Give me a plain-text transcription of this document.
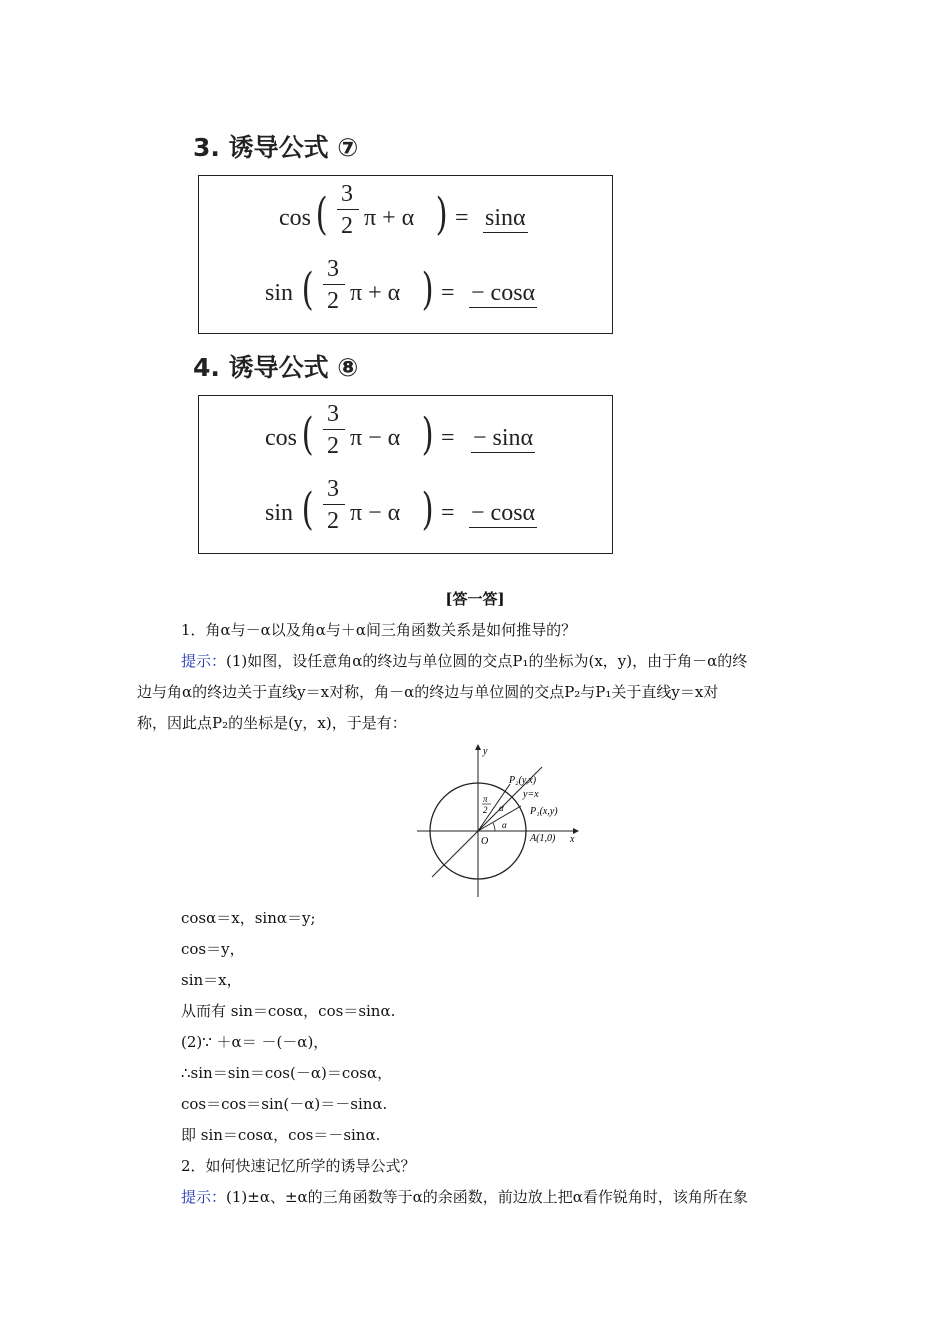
3. 诱导公式 ⑦
cos ( 3
2 π + α ) = sinα
sin ( 3
2 π + α ) = − cosα
4. 诱导公式 ⑧
cos ( 3
2 π − α ) = − sinα
sin ( 3
2 π − α ) = − cosα
[答一答]
1．角α与－α以及角α与＋α间三角函数关系是如何推导的？
提示：(1)如图，设任意角α的终边与单位圆的交点P₁的坐标为(x，y)，由于角－α的终
边与角α的终边关于直线y＝x对称，角－α的终边与单位圆的交点P₂与P₁关于直线y＝x对
称，因此点P₂的坐标是(y，x)，于是有：
y
x
O
P₂(y,x)
y=x
P₁(x,y)
A(1,0)
π
2 α
α
cosα＝x，sinα＝y;
cos＝y，
sin＝x，
从而有 sin＝cosα，cos＝sinα.
(2)∵ ＋α＝ －(－α)，
∴sin＝sin＝cos(－α)＝cosα，
cos＝cos＝sin(－α)＝－sinα.
即 sin＝cosα，cos＝－sinα.
2．如何快速记忆所学的诱导公式？
提示：(1)±α、±α的三角函数等于α的余函数，前边放上把α看作锐角时，该角所在象
